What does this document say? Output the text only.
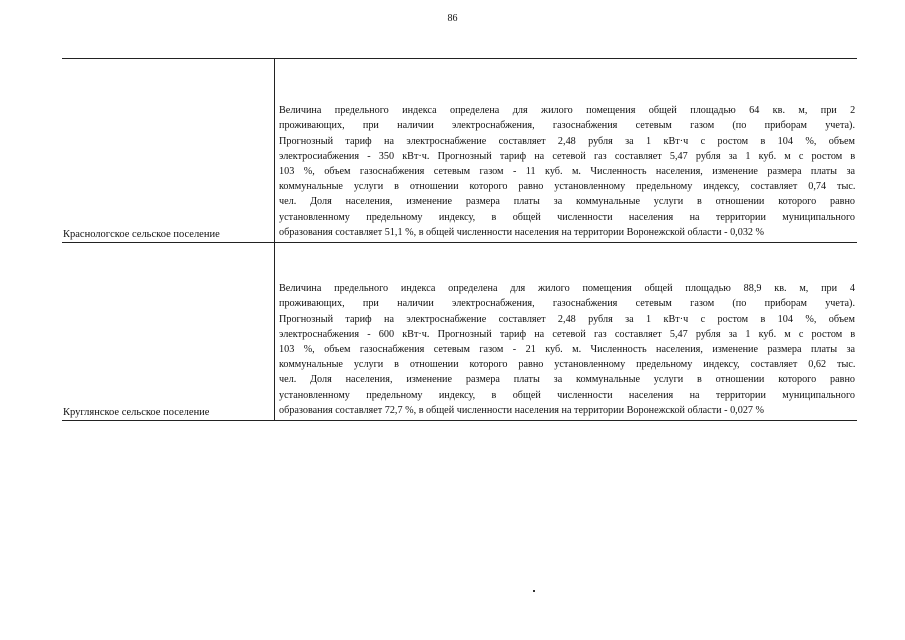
86
Краснологское сельское поселение
Величина предельного индекса определена для жилого помещения общей площадью 64 кв. м, при 2
проживающих, при наличии электроснабжения, газоснабжения сетевым газом (по приборам учета).
Прогнозный тариф на электроснабжение составляет 2,48 рубля за 1 кВт·ч с ростом в 104 %, объем
электросиабжения - 350 кВт·ч. Прогнозный тариф на сетевой газ составляет 5,47 рубля за 1 куб. м с ростом в
103 %, объем газоснабжения сетевым газом - 11 куб. м. Численность населения, изменение размера платы за
коммунальные услуги в отношении которого равно установленному предельному индексу, составляет 0,74 тыс.
чел. Доля населения, изменение размера платы за коммунальные услуги в отношении которого равно
установленному предельному индексу, в общей численности населения на территории муниципального
образования составляет 51,1 %, в общей численности населения на территории Воронежской области - 0,032 %
Круглянское сельское поселение
Величина предельного индекса определена для жилого помещения общей площадью 88,9 кв. м, при 4
проживающих, при наличии электроснабжения, газоснабжения сетевым газом (по приборам учета).
Прогнозный тариф на электроснабжение составляет 2,48 рубля за 1 кВт·ч с ростом в 104 %, объем
электроснабжения - 600 кВт·ч. Прогнозный тариф на сетевой газ составляет 5,47 рубля за 1 куб. м с ростом в
103 %, объем газоснабжения сетевым газом - 21 куб. м. Численность населения, изменение размера платы за
коммунальные услуги в отношении которого равно установленному предельному индексу, составляет 0,62 тыс.
чел. Доля населения, изменение размера платы за коммунальные услуги в отношении которого равно
установленному предельному индексу, в общей численности населения на территории муниципального
образования составляет 72,7 %, в общей численности населения на территории Воронежской области - 0,027 %
